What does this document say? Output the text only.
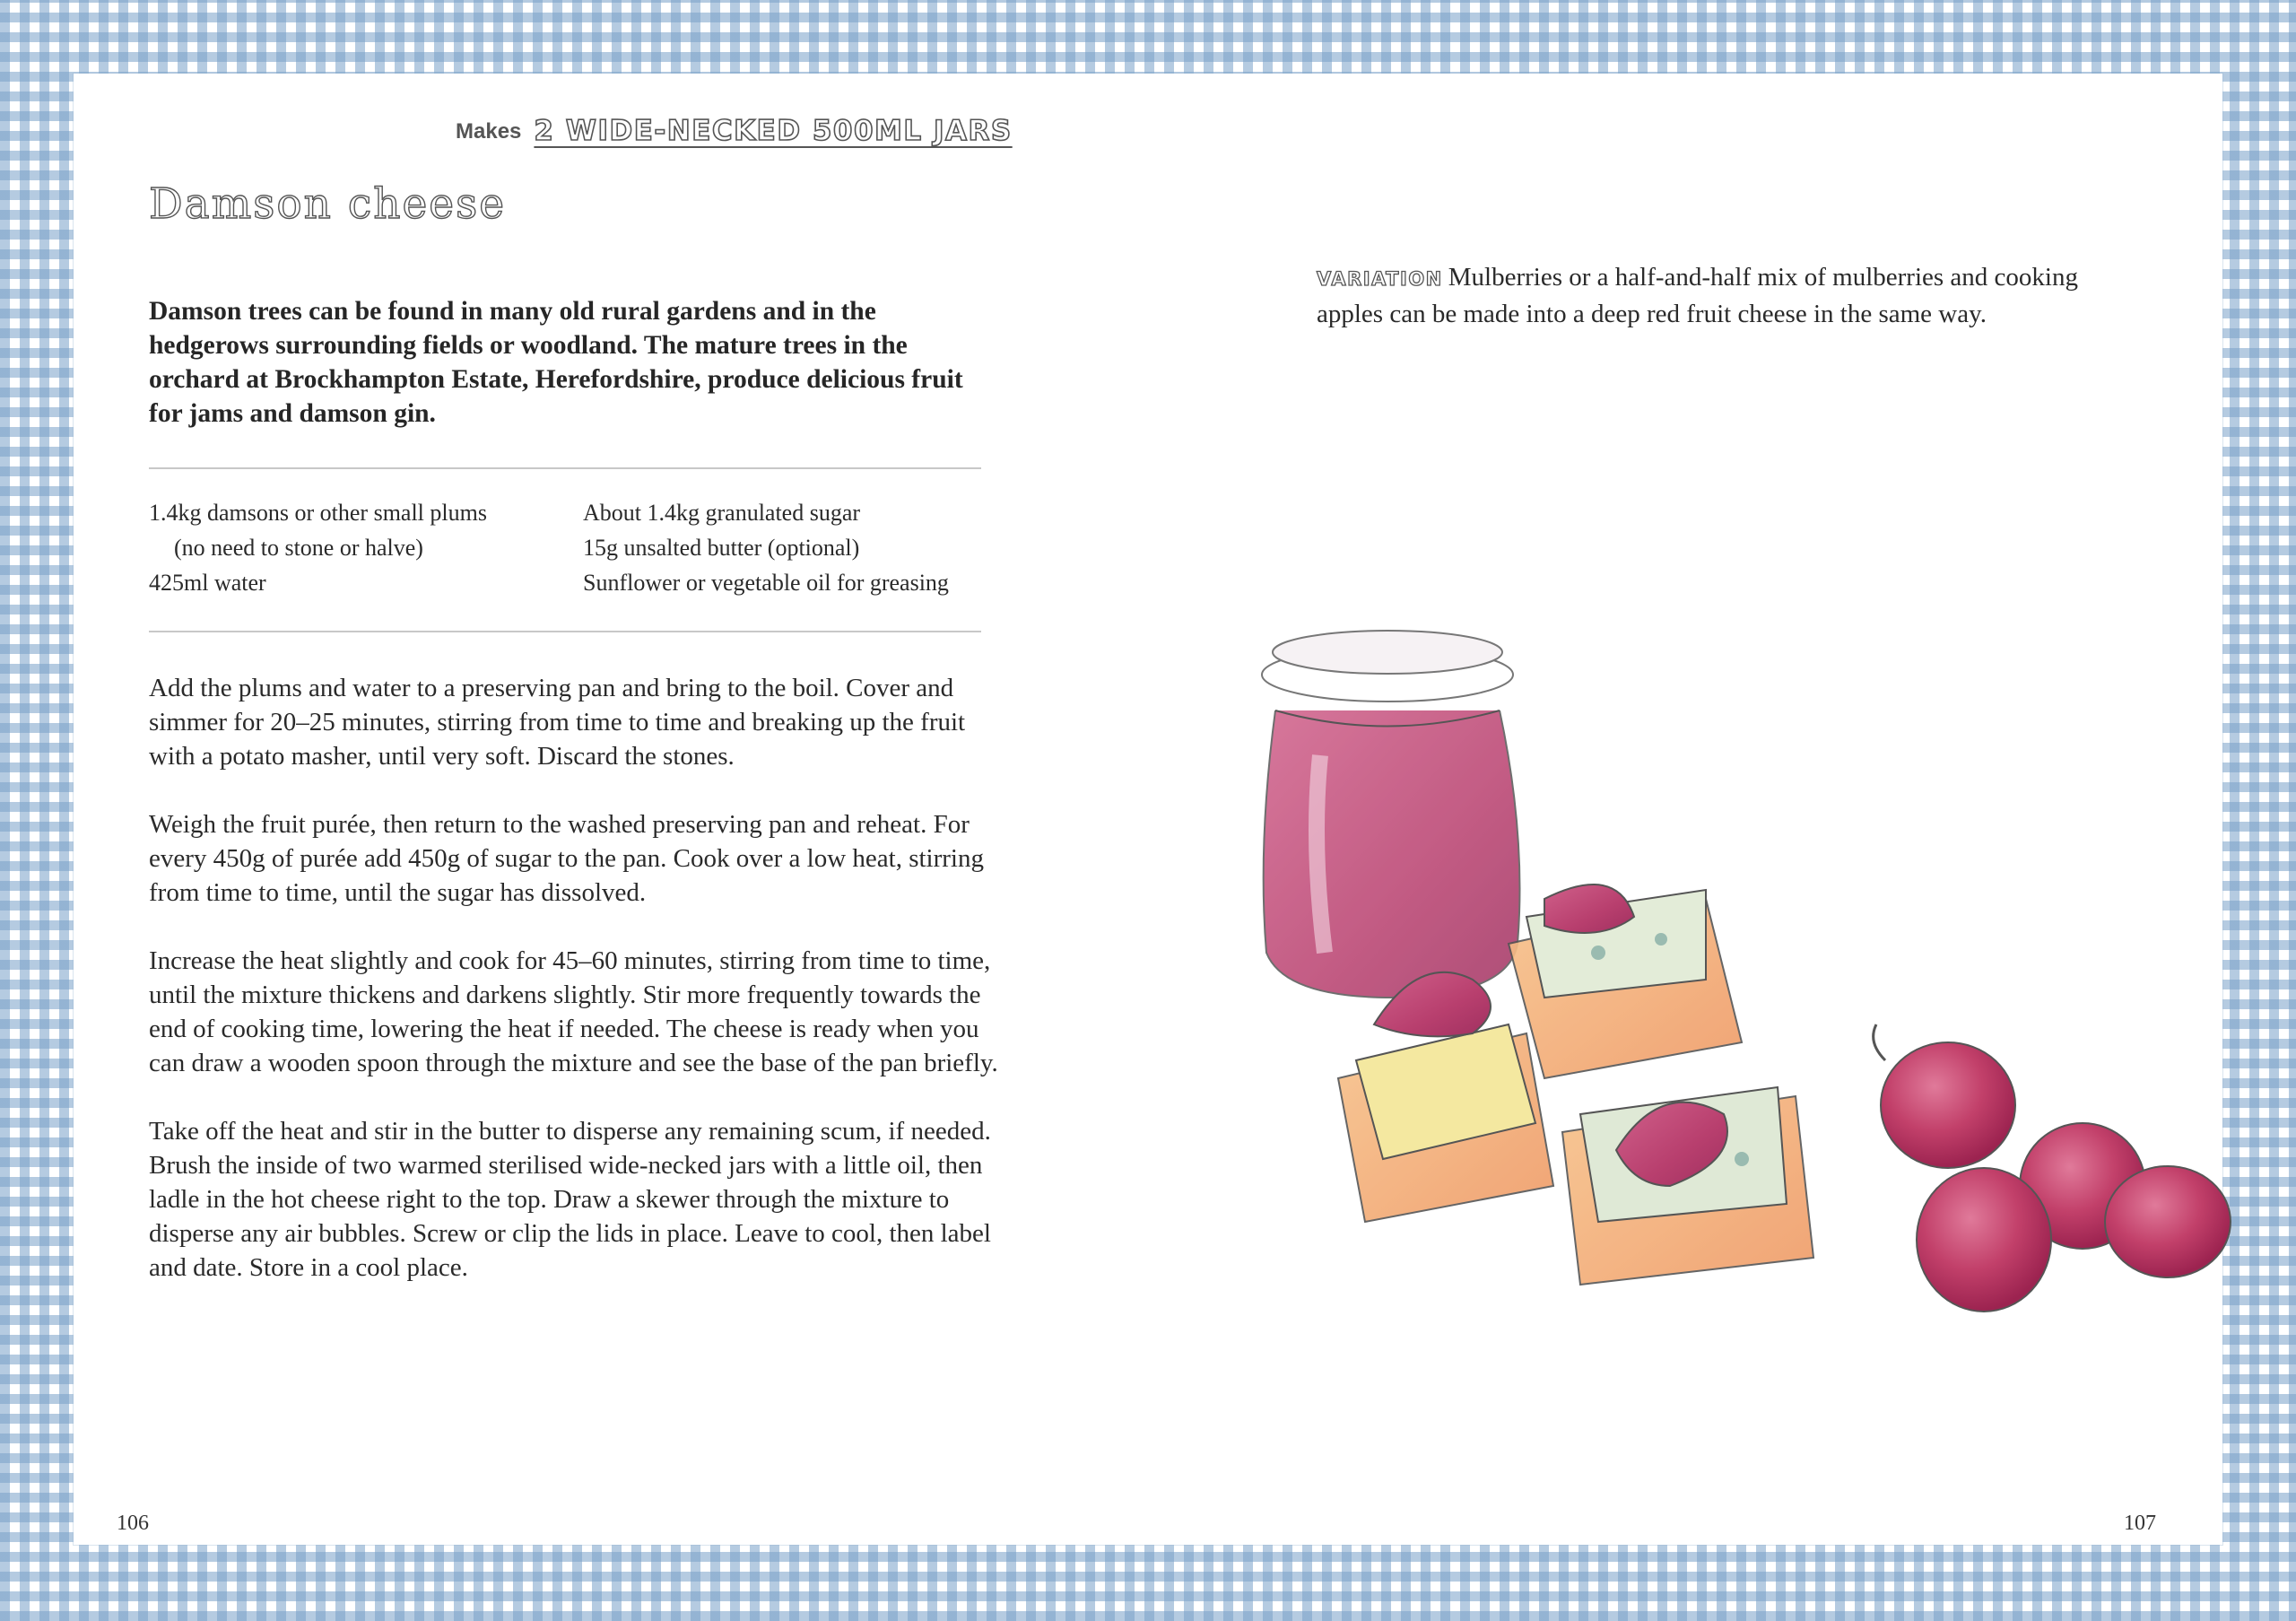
Makes 2 WIDE-NECKED 500ML JARS
Damson cheese

Damson trees can be found in many old rural gardens and in the hedgerows surrounding fields or woodland. The mature trees in the orchard at Brockhampton Estate, Herefordshire, produce delicious fruit for jams and damson gin.

1.4kg damsons or other small plums
(no need to stone or halve)
425ml water
About 1.4kg granulated sugar
15g unsalted butter (optional)
Sunflower or vegetable oil for greasing

Add the plums and water to a preserving pan and bring to the boil. Cover and simmer for 20–25 minutes, stirring from time to time and breaking up the fruit with a potato masher, until very soft. Discard the stones.

Weigh the fruit purée, then return to the washed preserving pan and reheat. For every 450g of purée add 450g of sugar to the pan. Cook over a low heat, stirring from time to time, until the sugar has dissolved.

Increase the heat slightly and cook for 45–60 minutes, stirring from time to time, until the mixture thickens and darkens slightly. Stir more frequently towards the end of cooking time, lowering the heat if needed. The cheese is ready when you can draw a wooden spoon through the mixture and see the base of the pan briefly.

Take off the heat and stir in the butter to disperse any remaining scum, if needed. Brush the inside of two warmed sterilised wide-necked jars with a little oil, then ladle in the hot cheese right to the top. Draw a skewer through the mixture to disperse any air bubbles. Screw or clip the lids in place. Leave to cool, then label and date. Store in a cool place.

106

VARIATION Mulberries or a half-and-half mix of mulberries and cooking apples can be made into a deep red fruit cheese in the same way.

107
